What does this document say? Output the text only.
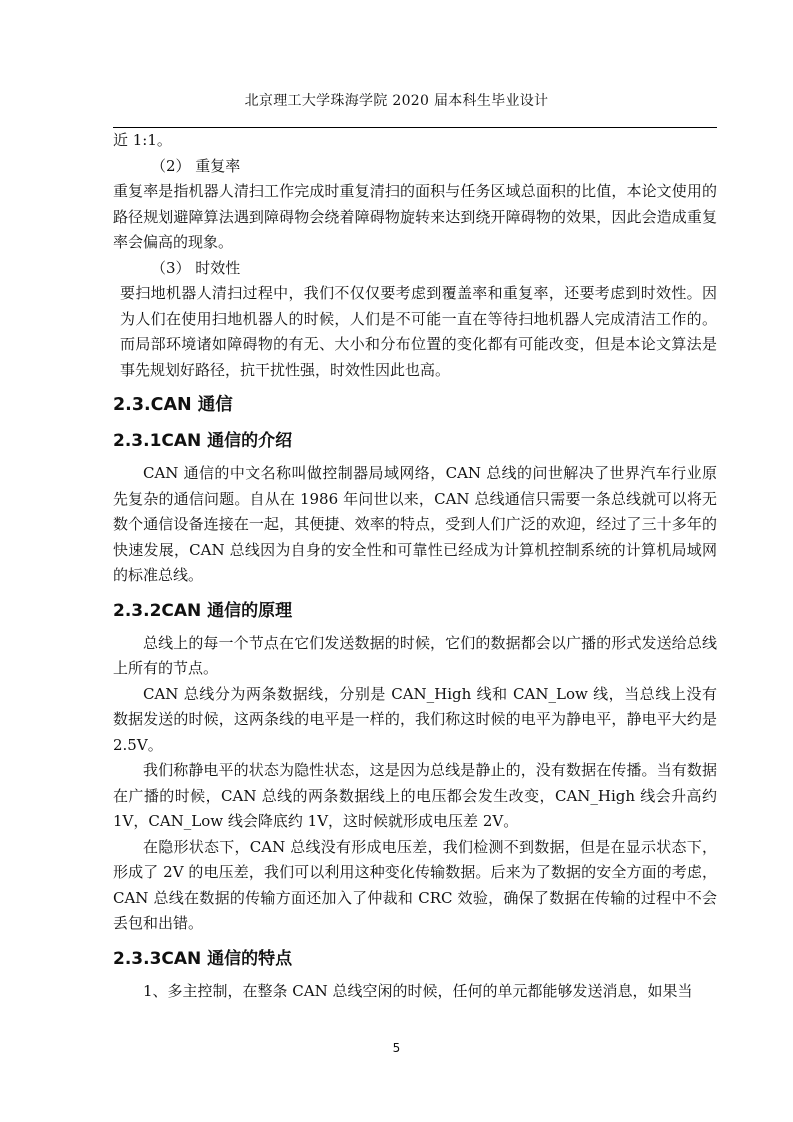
北京理工大学珠海学院 2020 届本科生毕业设计

近 1:1。

（2） 重复率

重复率是指机器人清扫工作完成时重复清扫的面积与任务区域总面积的比值，本论文使用的路径规划避障算法遇到障碍物会绕着障碍物旋转来达到绕开障碍物的效果，因此会造成重复率会偏高的现象。

（3） 时效性

要扫地机器人清扫过程中，我们不仅仅要考虑到覆盖率和重复率，还要考虑到时效性。因为人们在使用扫地机器人的时候，人们是不可能一直在等待扫地机器人完成清洁工作的。而局部环境诸如障碍物的有无、大小和分布位置的变化都有可能改变，但是本论文算法是事先规划好路径，抗干扰性强，时效性因此也高。

2.3.CAN 通信
2.3.1CAN 通信的介绍

CAN 通信的中文名称叫做控制器局域网络，CAN 总线的问世解决了世界汽车行业原先复杂的通信问题。自从在 1986 年问世以来，CAN 总线通信只需要一条总线就可以将无数个通信设备连接在一起，其便捷、效率的特点，受到人们广泛的欢迎，经过了三十多年的快速发展，CAN 总线因为自身的安全性和可靠性已经成为计算机控制系统的计算机局域网的标准总线。

2.3.2CAN 通信的原理

总线上的每一个节点在它们发送数据的时候，它们的数据都会以广播的形式发送给总线上所有的节点。

CAN 总线分为两条数据线，分别是 CAN_High 线和 CAN_Low 线，当总线上没有数据发送的时候，这两条线的电平是一样的，我们称这时候的电平为静电平，静电平大约是 2.5V。

我们称静电平的状态为隐性状态，这是因为总线是静止的，没有数据在传播。当有数据在广播的时候，CAN 总线的两条数据线上的电压都会发生改变，CAN_High 线会升高约 1V，CAN_Low 线会降底约 1V，这时候就形成电压差 2V。

在隐形状态下，CAN 总线没有形成电压差，我们检测不到数据，但是在显示状态下，形成了 2V 的电压差，我们可以利用这种变化传输数据。后来为了数据的安全方面的考虑，CAN 总线在数据的传输方面还加入了仲裁和 CRC 效验，确保了数据在传输的过程中不会丢包和出错。

2.3.3CAN 通信的特点

1、多主控制，在整条 CAN 总线空闲的时候，任何的单元都能够发送消息，如果当

5
